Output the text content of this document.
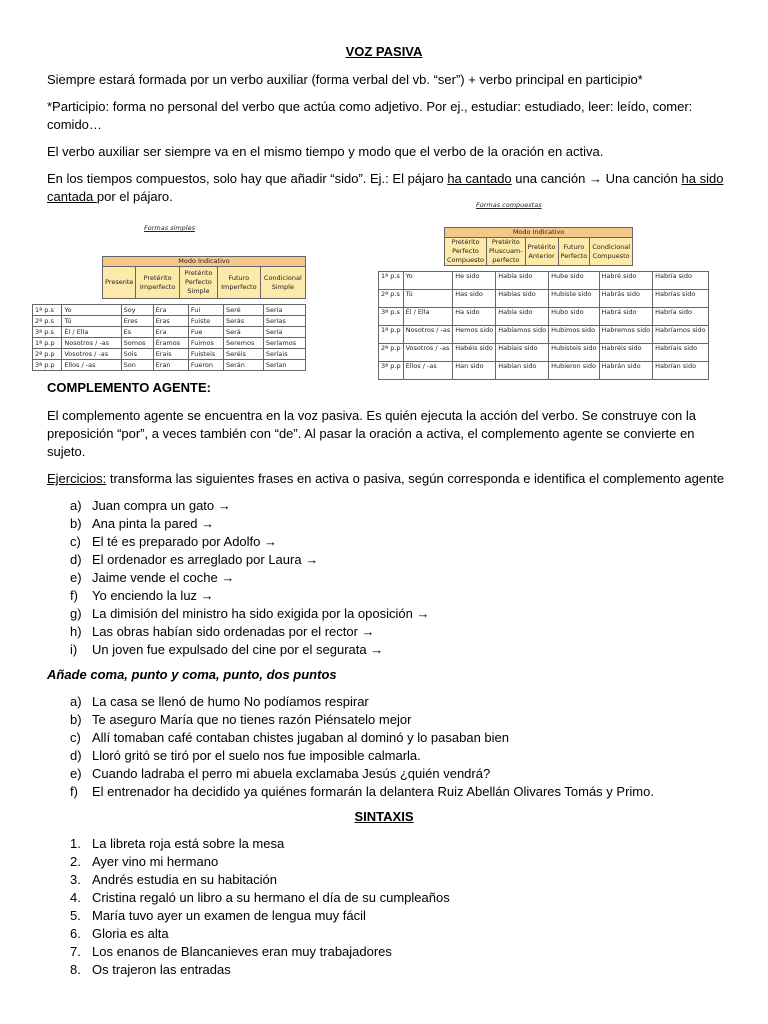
VOZ PASIVA
Siempre estará formada por un verbo auxiliar (forma verbal del vb. “ser”) + verbo principal en participio*
*Participio: forma no personal del verbo que actúa como adjetivo. Por ej., estudiar: estudiado, leer: leído, comer: comido…
El verbo auxiliar ser siempre va en el mismo tiempo y modo que el verbo de la oración en activa.
En los tiempos compuestos, solo hay que añadir “sido”. Ej.: El pájaro ha cantado una canción → Una canción ha sido cantada por el pájaro.
Formas simples
Modo Indicativo
Presente	Pretérito Imperfecto	Pretérito Perfecto Simple	Futuro Imperfecto	Condicional Simple
1ª p.s	Yo	Soy	Era	Fui	Seré	Sería
2ª p.s	Tú	Eres	Eras	Fuiste	Serás	Serías
3ª p.s	Él / Ella	Es	Era	Fue	Será	Sería
1ª p.p	Nosotros / -as	Somos	Éramos	Fuimos	Seremos	Seríamos
2ª p.p	Vosotros / -as	Sois	Erais	Fuisteis	Seréis	Seríais
3ª p.p	Ellos / -as	Son	Eran	Fueron	Serán	Serían
Formas compuestas
Modo Indicativo
Pretérito Perfecto Compuesto	Pretérito Pluscuam-perfecto	Pretérito Anterior	Futuro Perfecto	Condicional Compuesto
1ª p.s	Yo	He sido	Había sido	Hube sido	Habré sido	Habría sido
2ª p.s	Tú	Has sido	Habías sido	Hubiste sido	Habrás sido	Habrías sido
3ª p.s	Él / Ella	Ha sido	Había sido	Hubo sido	Habrá sido	Habría sido
1ª p.p	Nosotros / -as	Hemos sido	Habíamos sido	Hubimos sido	Habremos sido	Habríamos sido
2ª p.p	Vosotros / -as	Habéis sido	Habíais sido	Hubisteis sido	Habréis sido	Habríais sido
3ª p.p	Ellos / -as	Han sido	Habían sido	Hubieron sido	Habrán sido	Habrían sido
COMPLEMENTO AGENTE:
El complemento agente se encuentra en la voz pasiva. Es quién ejecuta la acción del verbo. Se construye con la preposición “por”, a veces también con “de”. Al pasar la oración a activa, el complemento agente se convierte en sujeto.
Ejercicios: transforma las siguientes frases en activa o pasiva, según corresponda e identifica el complemento agente
a) Juan compra un gato →
b) Ana pinta la pared →
c) El té es preparado por Adolfo →
d) El ordenador es arreglado por Laura →
e) Jaime vende el coche →
f) Yo enciendo la luz →
g) La dimisión del ministro ha sido exigida por la oposición →
h) Las obras habían sido ordenadas por el rector →
i) Un joven fue expulsado del cine por el segurata →
Añade coma, punto y coma, punto, dos puntos
a) La casa se llenó de humo No podíamos respirar
b) Te aseguro María que no tienes razón Piénsatelo mejor
c) Allí tomaban café contaban chistes jugaban al dominó y lo pasaban bien
d) Lloró gritó se tiró por el suelo nos fue imposible calmarla.
e) Cuando ladraba el perro mi abuela exclamaba Jesús ¿quién vendrá?
f) El entrenador ha decidido ya quiénes formarán la delantera Ruiz Abellán Olivares Tomás y Primo.
SINTAXIS
1. La libreta roja está sobre la mesa
2. Ayer vino mi hermano
3. Andrés estudia en su habitación
4. Cristina regaló un libro a su hermano el día de su cumpleaños
5. María tuvo ayer un examen de lengua muy fácil
6. Gloria es alta
7. Los enanos de Blancanieves eran muy trabajadores
8. Os trajeron las entradas
